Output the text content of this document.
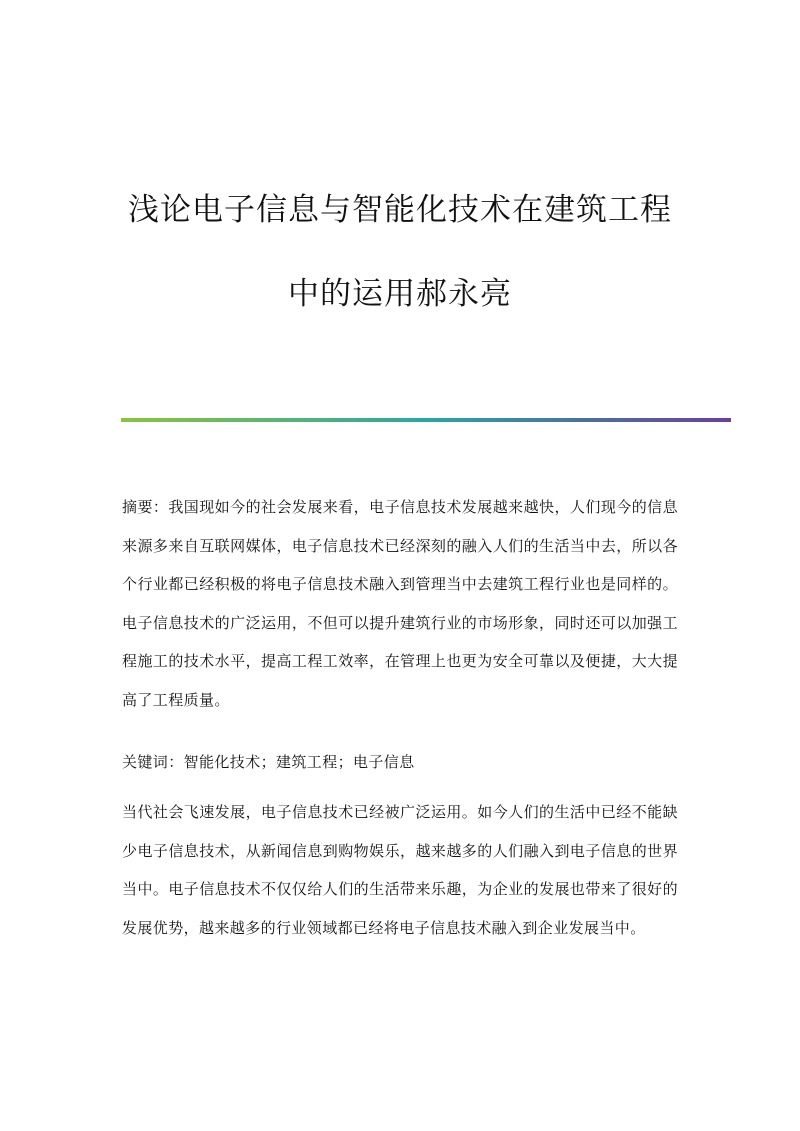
浅论电子信息与智能化技术在建筑工程
中的运用郝永亮

摘要：我国现如今的社会发展来看，电子信息技术发展越来越快，人们现今的信息来源多来自互联网媒体，电子信息技术已经深刻的融入人们的生活当中去，所以各个行业都已经积极的将电子信息技术融入到管理当中去建筑工程行业也是同样的。电子信息技术的广泛运用，不但可以提升建筑行业的市场形象，同时还可以加强工程施工的技术水平，提高工程工效率，在管理上也更为安全可靠以及便捷，大大提高了工程质量。

关键词：智能化技术；建筑工程；电子信息

当代社会飞速发展，电子信息技术已经被广泛运用。如今人们的生活中已经不能缺少电子信息技术，从新闻信息到购物娱乐，越来越多的人们融入到电子信息的世界当中。电子信息技术不仅仅给人们的生活带来乐趣，为企业的发展也带来了很好的发展优势，越来越多的行业领域都已经将电子信息技术融入到企业发展当中。
